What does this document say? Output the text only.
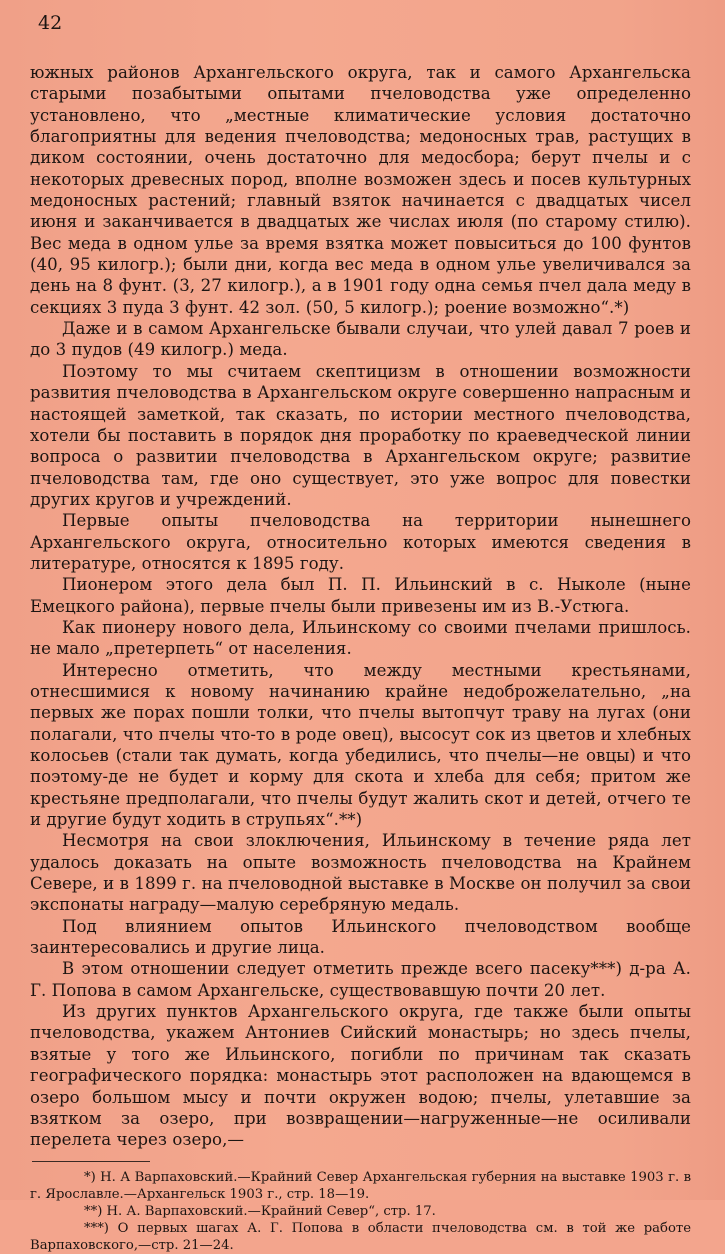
42

южных районов Архангельского округа, так и самого Архангельска старыми позабытыми опытами пчеловодства уже определенно установлено, что „местные климатические условия достаточно благоприятны для ведения пчеловодства; медоносных трав, растущих в диком состоянии, очень достаточно для медосбора; берут пчелы и с некоторых древесных пород, вполне возможен здесь и посев культурных медоносных растений; главный взяток начинается с двадцатых чисел июня и заканчивается в двадцатых же числах июля (по старому стилю). Вес меда в одном улье за время взятка может повыситься до 100 фунтов (40, 95 килогр.); были дни, когда вес меда в одном улье увеличивался за день на 8 фунт. (3, 27 килогр.), а в 1901 году одна семья пчел дала меду в секциях 3 пуда 3 фунт. 42 зол. (50, 5 килогр.); роение возможно“.*)

Даже и в самом Архангельске бывали случаи, что улей давал 7 роев и до 3 пудов (49 килогр.) меда.

Поэтому то мы считаем скептицизм в отношении возможности развития пчеловодства в Архангельском округе совершенно напрасным и настоящей заметкой, так сказать, по истории местного пчеловодства, хотели бы поставить в порядок дня проработку по краеведческой линии вопроса о развитии пчеловодства в Архангельском округе; развитие пчеловодства там, где оно существует, это уже вопрос для повестки других кругов и учреждений.

Первые опыты пчеловодства на территории нынешнего Архангельского округа, относительно которых имеются сведения в литературе, относятся к 1895 году.

Пионером этого дела был П. П. Ильинский в с. Ныколе (ныне Емецкого района), первые пчелы были привезены им из В.-Устюга.

Как пионеру нового дела, Ильинскому со своими пчелами пришлось. не мало „претерпеть“ от населения.

Интересно отметить, что между местными крестьянами, отнесшимися к новому начинанию крайне недоброжелательно, „на первых же порах пошли толки, что пчелы вытопчут траву на лугах (они полагали, что пчелы что-то в роде овец), высосут сок из цветов и хлебных колосьев (стали так думать, когда убедились, что пчелы—не овцы) и что поэтому-де не будет и корму для скота и хлеба для себя; притом же крестьяне предполагали, что пчелы будут жалить скот и детей, отчего те и другие будут ходить в струпьях“.**)

Несмотря на свои злоключения, Ильинскому в течение ряда лет удалось доказать на опыте возможность пчеловодства на Крайнем Севере, и в 1899 г. на пчеловодной выставке в Москве он получил за свои экспонаты награду—малую серебряную медаль.

Под влиянием опытов Ильинского пчеловодством вообще заинтересовались и другие лица.

В этом отношении следует отметить прежде всего пасеку***) д-ра А. Г. Попова в самом Архангельске, существовавшую почти 20 лет.

Из других пунктов Архангельского округа, где также были опыты пчеловодства, укажем Антониев Сийский монастырь; но здесь пчелы, взятые у того же Ильинского, погибли по причинам так сказать географического порядка: монастырь этот расположен на вдающемся в озеро большом мысу и почти окружен водою; пчелы, улетавшие за взятком за озеро, при возвращении—нагруженные—не осиливали перелета через озеро,—

*) Н. А Варпаховский.—Крайний Север Архангельская губерния на выставке 1903 г. в г. Ярославле.—Архангельск 1903 г., стр. 18—19.

**) Н. А. Варпаховский.—Крайний Север“, стр. 17.

***) О первых шагах А. Г. Попова в области пчеловодства см. в той же работе Варпаховского,—стр. 21—24.
